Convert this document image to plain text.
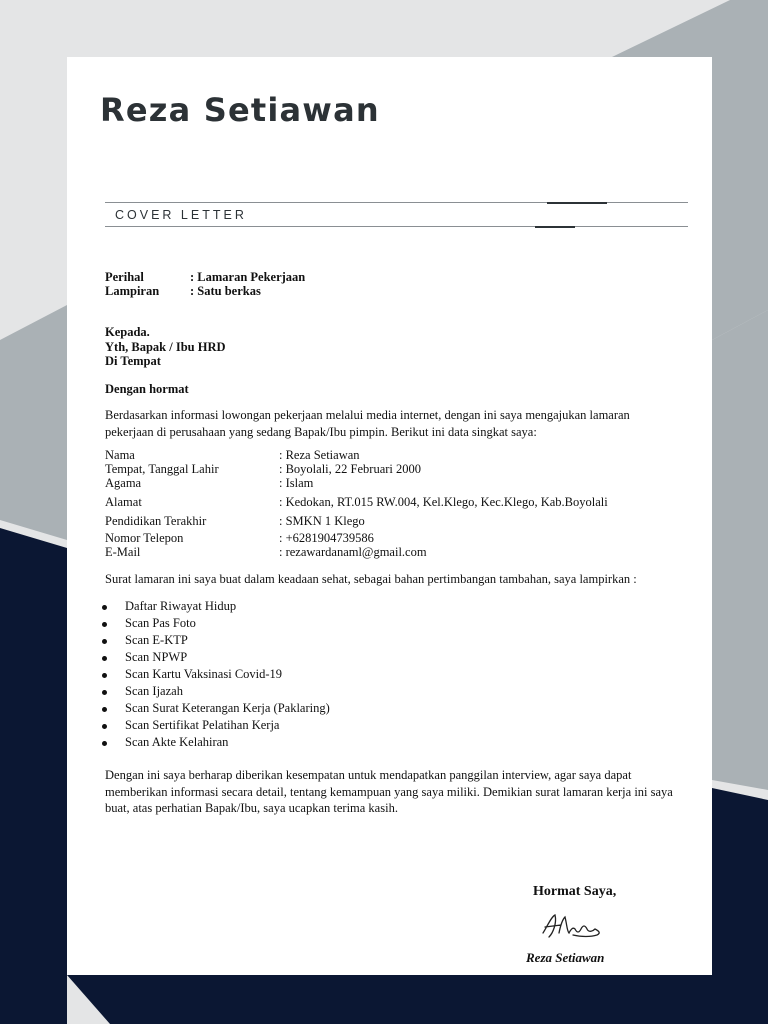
Reza Setiawan
COVER LETTER
Perihal	: Lamaran Pekerjaan
Lampiran : Satu berkas
Kepada.
Yth, Bapak / Ibu HRD
Di Tempat
Dengan hormat

Berdasarkan informasi lowongan pekerjaan melalui media internet, dengan ini saya mengajukan lamaran pekerjaan di perusahaan yang sedang Bapak/Ibu pimpin. Berikut ini data singkat saya:

Nama	: Reza Setiawan
Tempat, Tanggal Lahir	: Boyolali, 22 Februari 2000
Agama	: Islam
Alamat	: Kedokan, RT.015 RW.004, Kel.Klego, Kec.Klego, Kab.Boyolali
Pendidikan Terakhir	: SMKN 1 Klego
Nomor Telepon	: +6281904739586
E-Mail	: rezawardanaml@gmail.com

Surat lamaran ini saya buat dalam keadaan sehat, sebagai bahan pertimbangan tambahan, saya lampirkan :

Daftar Riwayat Hidup
Scan Pas Foto
Scan E-KTP
Scan NPWP
Scan Kartu Vaksinasi Covid-19
Scan Ijazah
Scan Surat Keterangan Kerja (Paklaring)
Scan Sertifikat Pelatihan Kerja
Scan Akte Kelahiran

Dengan ini saya berharap diberikan kesempatan untuk mendapatkan panggilan interview, agar saya dapat memberikan informasi secara detail, tentang kemampuan yang saya miliki. Demikian surat lamaran kerja ini saya buat, atas perhatian Bapak/Ibu, saya ucapkan terima kasih.

Hormat Saya,
Reza Setiawan
